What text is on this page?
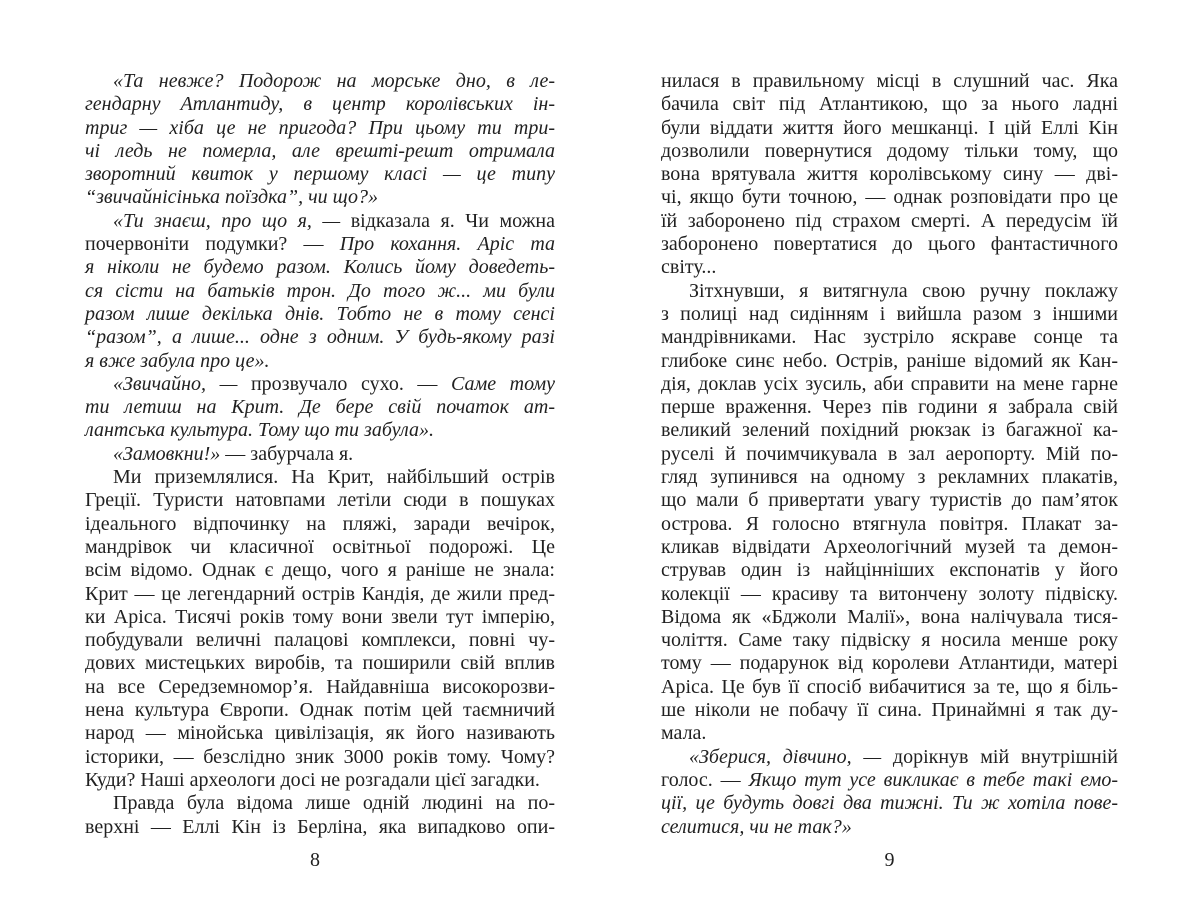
«Та невже? Подорож на морське дно, в ле-
гендарну Атлантиду, в центр королівських ін-
триг — хіба це не пригода? При цьому ти три-
чі ледь не померла, але врешті-решт отримала
зворотний квиток у першому класі — це типу
“звичайнісінька поїздка”, чи що?»
«Ти знаєш, про що я, — відказала я. Чи можна
почервоніти подумки? — Про кохання. Аріс та
я ніколи не будемо разом. Колись йому доведеть-
ся сісти на батьків трон. До того ж... ми були
разом лише декілька днів. Тобто не в тому сенсі
“разом”, а лише... одне з одним. У будь-якому разі
я вже забула про це».
«Звичайно, — прозвучало сухо. — Саме тому
ти летиш на Крит. Де бере свій початок ат-
лантська культура. Тому що ти забула».
«Замовкни!» — забурчала я.
Ми приземлялися. На Крит, найбільший острів
Греції. Туристи натовпами летіли сюди в пошуках
ідеального відпочинку на пляжі, заради вечірок,
мандрівок чи класичної освітньої подорожі. Це
всім відомо. Однак є дещо, чого я раніше не знала:
Крит — це легендарний острів Кандія, де жили пред-
ки Аріса. Тисячі років тому вони звели тут імперію,
побудували величні палацові комплекси, повні чу-
дових мистецьких виробів, та поширили свій вплив
на все Середземномор’я. Найдавніша високорозви-
нена культура Європи. Однак потім цей таємничий
народ — мінойська цивілізація, як його називають
історики, — безслідно зник 3000 років тому. Чому?
Куди? Наші археологи досі не розгадали цієї загадки.
Правда була відома лише одній людині на по-
верхні — Еллі Кін із Берліна, яка випадково опи-
нилася в правильному місці в слушний час. Яка
бачила світ під Атлантикою, що за нього ладні
були віддати життя його мешканці. І цій Еллі Кін
дозволили повернутися додому тільки тому, що
вона врятувала життя королівському сину — дві-
чі, якщо бути точною, — однак розповідати про це
їй заборонено під страхом смерті. А передусім їй
заборонено повертатися до цього фантастичного
світу...
Зітхнувши, я витягнула свою ручну поклажу
з полиці над сидінням і вийшла разом з іншими
мандрівниками. Нас зустріло яскраве сонце та
глибоке синє небо. Острів, раніше відомий як Кан-
дія, доклав усіх зусиль, аби справити на мене гарне
перше враження. Через пів години я забрала свій
великий зелений похідний рюкзак із багажної ка-
руселі й почимчикувала в зал аеропорту. Мій по-
гляд зупинився на одному з рекламних плакатів,
що мали б привертати увагу туристів до пам’яток
острова. Я голосно втягнула повітря. Плакат за-
кликав відвідати Археологічний музей та демон-
стрував один із найцінніших експонатів у його
колекції — красиву та витончену золоту підвіску.
Відома як «Бджоли Малії», вона налічувала тися-
чоліття. Саме таку підвіску я носила менше року
тому — подарунок від королеви Атлантиди, матері
Аріса. Це був її спосіб вибачитися за те, що я біль-
ше ніколи не побачу її сина. Принаймні я так ду-
мала.
«Зберися, дівчино, — дорікнув мій внутрішній
голос. — Якщо тут усе викликає в тебе такі емо-
ції, це будуть довгі два тижні. Ти ж хотіла пове-
селитися, чи не так?»
8	9
